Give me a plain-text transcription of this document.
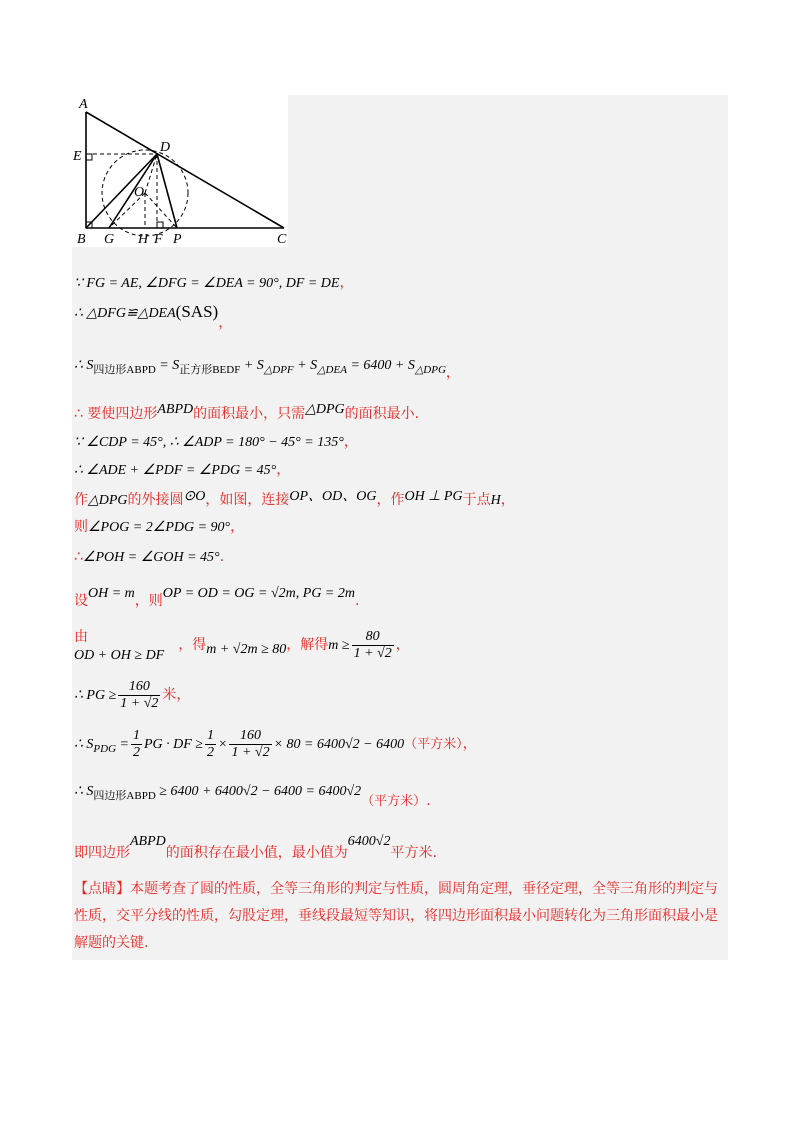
A
B	C
D
E
O
G H F P
∵ FG = AE, ∠DFG = ∠DEA = 90°, DF = DE，
∴ △DFG≌△DEA(SAS)，
∴ $S_{四边形ABPD} = S_{正方形BEDF} + S_{\triangle DPF} + S_{\triangle DEA} = 6400 + S_{\triangle DPG}$，
∴ 要使四边形ABPD的面积最小，只需△DPG的面积最小.
∵ ∠CDP = 45°, ∴ ∠ADP = 180° − 45° = 135°，
∴ ∠ADE + ∠PDF = ∠PDG = 45°，
作△DPG的外接圆⊙O，如图，连接OP、OD、OG，作OH ⊥ PG于点H，
则∠POG = 2∠PDG = 90°，
∴∠POH = ∠GOH = 45°.
设OH = m，则OP = OD = OG = √2m, PG = 2m.
由OD + OH ≥ DF，得m + √2m ≥ 80，解得$m \ge \frac{80}{1 + √2}$ ，
∴ PG ≥ $\frac{160}{1 + √2}$ 米，
∴ $S_{PDG} = \frac{1}{2}$ PG · DF ≥ $\frac{1}{2} \times \frac{160}{1 + √2} \times 80 = 6400√2 - 6400$（平方米），
∴ $S_{四边形ABPD} \ge 6400 + 6400√2 - 6400 = 6400√2$（平方米）.
即四边形ABPD的面积存在最小值，最小值为6400√2平方米.
【点睛】本题考查了圆的性质，全等三角形的判定与性质，圆周角定理，垂径定理，全等三角形的判定与性质，交平分线的性质，勾股定理，垂线段最短等知识，将四边形面积最小问题转化为三角形面积最小是解题的关键.
